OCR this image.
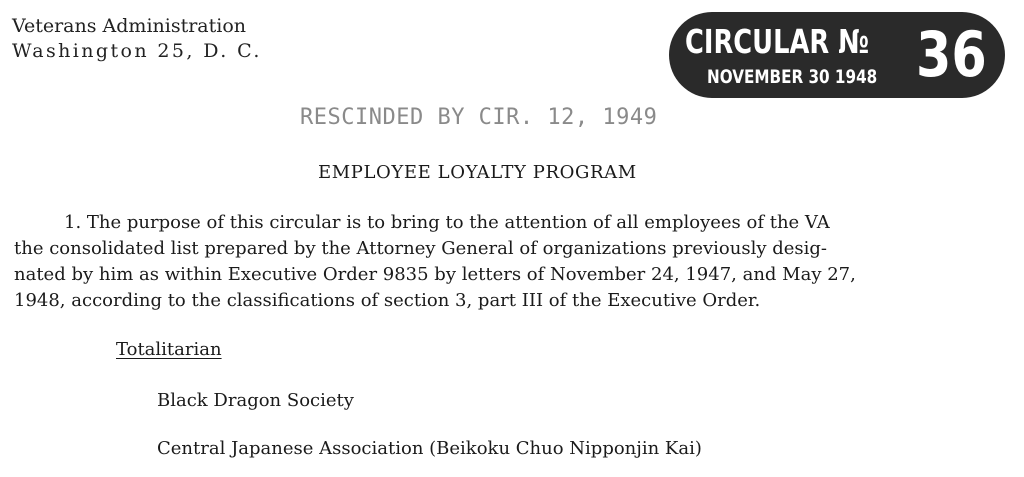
Veterans Administration
Washington 25, D. C.	CIRCULAR №
NOVEMBER 30 1948 36
RESCINDED BY CIR. 12, 1949
EMPLOYEE LOYALTY PROGRAM
1. The purpose of this circular is to bring to the attention of all employees of the VA
the consolidated list prepared by the Attorney General of organizations previously desig-
nated by him as within Executive Order 9835 by letters of November 24, 1947, and May 27,
1948, according to the classifications of section 3, part III of the Executive Order.
Totalitarian
Black Dragon Society
Central Japanese Association (Beikoku Chuo Nipponjin Kai)
